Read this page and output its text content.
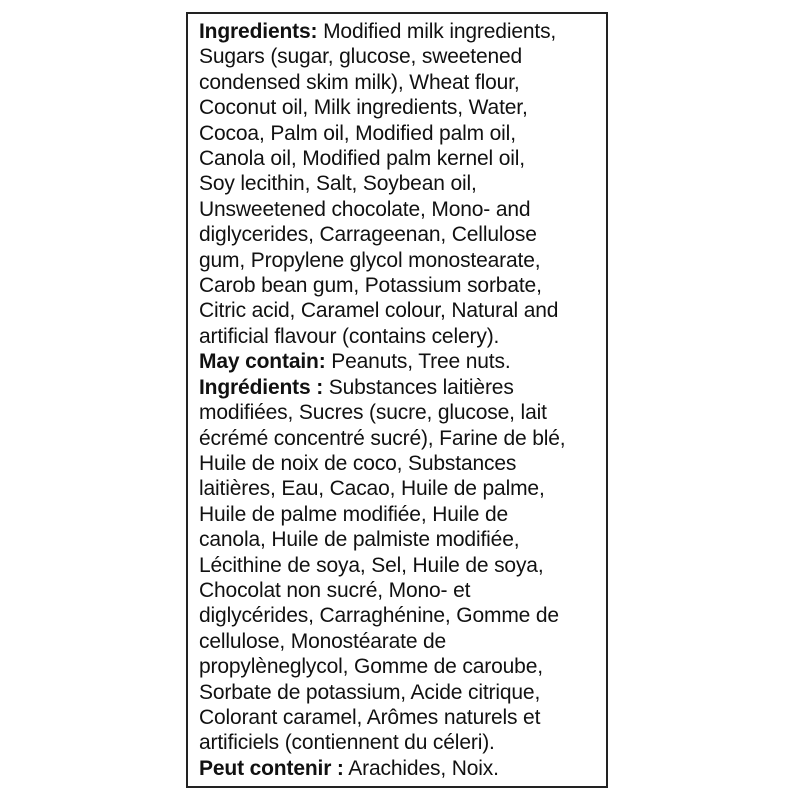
Ingredients: Modified milk ingredients,
Sugars (sugar, glucose, sweetened
condensed skim milk), Wheat flour,
Coconut oil, Milk ingredients, Water,
Cocoa, Palm oil, Modified palm oil,
Canola oil, Modified palm kernel oil,
Soy lecithin, Salt, Soybean oil,
Unsweetened chocolate, Mono- and
diglycerides, Carrageenan, Cellulose
gum, Propylene glycol monostearate,
Carob bean gum, Potassium sorbate,
Citric acid, Caramel colour, Natural and
artificial flavour (contains celery).
May contain: Peanuts, Tree nuts.
Ingrédients : Substances laitières
modifiées, Sucres (sucre, glucose, lait
écrémé concentré sucré), Farine de blé,
Huile de noix de coco, Substances
laitières, Eau, Cacao, Huile de palme,
Huile de palme modifiée, Huile de
canola, Huile de palmiste modifiée,
Lécithine de soya, Sel, Huile de soya,
Chocolat non sucré, Mono- et
diglycérides, Carraghénine, Gomme de
cellulose, Monostéarate de
propylèneglycol, Gomme de caroube,
Sorbate de potassium, Acide citrique,
Colorant caramel, Arômes naturels et
artificiels (contiennent du céleri).
Peut contenir : Arachides, Noix.
